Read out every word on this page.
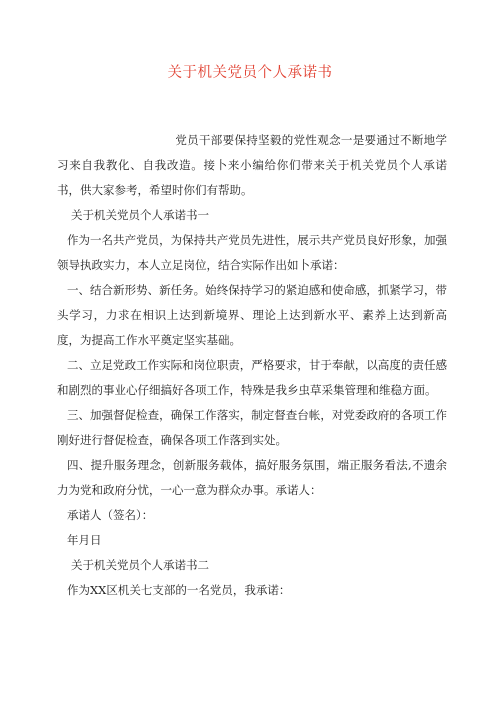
关于机关党员个人承诺书
党员干部要保持坚毅的党性观念一是要通过不断地学习来自我教化、自我改造。接卜来小编给你们带来关于机关党员个人承诺书，供大家参考，希望时你们有帮助。

关于机关党员个人承诺书一

作为一名共产党员，为保持共产党员先进性，展示共产党员良好形象，加强领导执政实力，本人立足岗位，结合实际作出如卜承诺：

一、结合新形势、新任务。始终保持学习的紧迫感和使命感，抓紧学习，带头学习，力求在相识上达到新境界、理论上达到新水平、素养上达到新高度，为提高工作水平奠定坚实基础。

二、立足党政工作实际和岗位职责，严格要求，甘于奉献，以高度的责任感和剧烈的事业心仔细搞好各项工作，特殊是我乡虫草采集管理和维稳方面。

三、加强督促检查，确保工作落实，制定督查台帐，对党委政府的各项工作刚好进行督促检查，确保各项工作落到实处。

四、提升服务理念，创新服务载体，搞好服务氛围，端正服务看法,不遗余力为党和政府分忧，一心一意为群众办事。承诺人：

承诺人（签名）：

年月日

关于机关党员个人承诺书二

作为XX区机关七支部的一名党员，我承诺：
